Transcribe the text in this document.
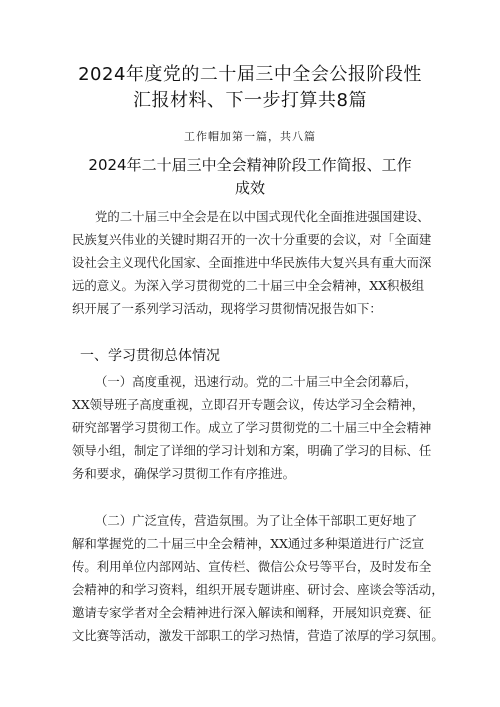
2024年度党的二十届三中全会公报阶段性
汇报材料、下一步打算共8篇
工作帽加第一篇，共八篇
2024年二十届三中全会精神阶段工作简报、工作
成效
党的二十届三中全会是在以中国式现代化全面推进强国建设、
民族复兴伟业的关键时期召开的一次十分重要的会议，对「全面建
设社会主义现代化国家、全面推进中华民族伟大复兴具有重大而深
远的意义。为深入学习贯彻党的二十届三中全会精神，XX积极组
织开展了一系列学习活动，现将学习贯彻情况报告如下：
一、学习贯彻总体情况
（一）高度重视，迅速行动。党的二十届三中全会闭幕后，
XX领导班子高度重视，立即召开专题会议，传达学习全会精神，
研究部署学习贯彻工作。成立了学习贯彻党的二十届三中全会精神
领导小组，制定了详细的学习计划和方案，明确了学习的目标、任
务和要求，确保学习贯彻工作有序推进。
（二）广泛宣传，营造氛围。为了让全体干部职工更好地了
解和掌握党的二十届三中全会精神，XX通过多种渠道进行广泛宣
传。利用单位内部网站、宣传栏、微信公众号等平台，及时发布全
会精神的和学习资料，组织开展专题讲座、研讨会、座谈会等活动，
邀请专家学者对全会精神进行深入解读和阐释，开展知识竞赛、征
文比赛等活动，激发干部职工的学习热情，营造了浓厚的学习氛围。
